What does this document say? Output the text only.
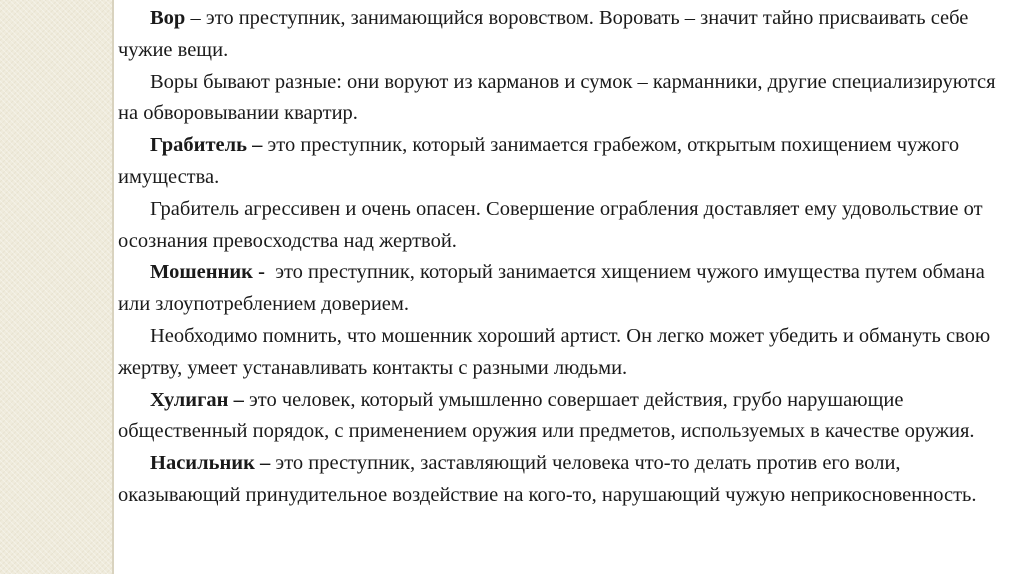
Вор – это преступник, занимающийся воровством. Воровать – значит тайно присваивать себе чужие вещи.

Воры бывают разные: они воруют из карманов и сумок – карманники, другие специализируются на обворовывании квартир.

Грабитель – это преступник, который занимается грабежом, открытым похищением чужого имущества.

Грабитель агрессивен и очень опасен. Совершение ограбления доставляет ему удовольствие от осознания превосходства над жертвой.

Мошенник -  это преступник, который занимается хищением чужого имущества путем обмана или злоупотреблением доверием.

Необходимо помнить, что мошенник хороший артист. Он легко может убедить и обмануть свою жертву, умеет устанавливать контакты с разными людьми.

Хулиган – это человек, который умышленно совершает действия, грубо нарушающие общественный порядок, с применением оружия или предметов, используемых в качестве оружия.

Насильник – это преступник, заставляющий человека что-то делать против его воли, оказывающий принудительное воздействие на кого-то, нарушающий чужую неприкосновенность.
